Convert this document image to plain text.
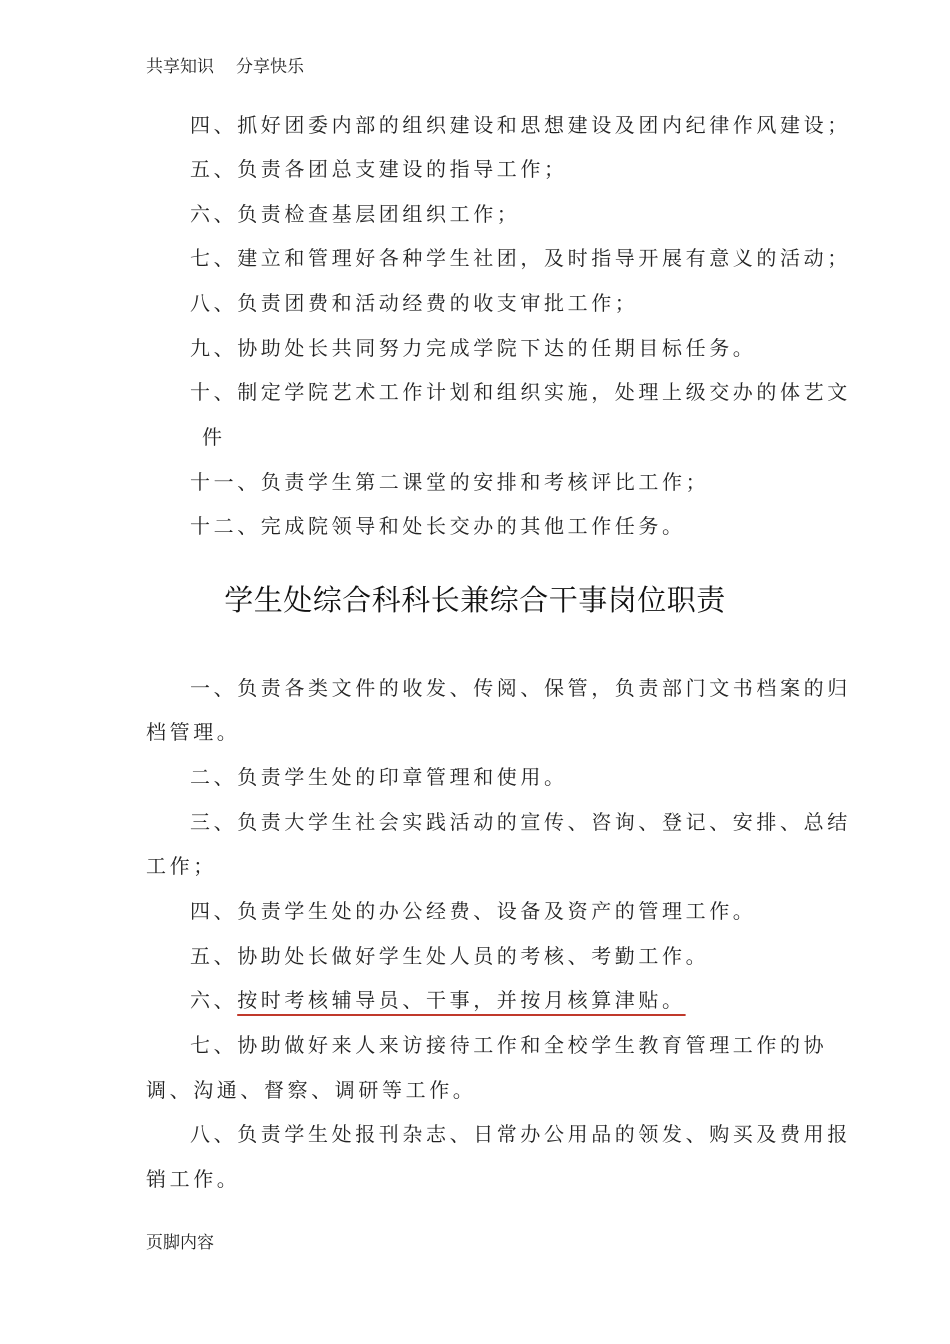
共享知识 分享快乐
四、抓好团委内部的组织建设和思想建设及团内纪律作风建设；
五、负责各团总支建设的指导工作；
六、负责检查基层团组织工作；
七、建立和管理好各种学生社团，及时指导开展有意义的活动；
八、负责团费和活动经费的收支审批工作；
九、协助处长共同努力完成学院下达的任期目标任务。
十、制定学院艺术工作计划和组织实施，处理上级交办的体艺文
件
十一、负责学生第二课堂的安排和考核评比工作；
十二、完成院领导和处长交办的其他工作任务。
学生处综合科科长兼综合干事岗位职责
一、负责各类文件的收发、传阅、保管，负责部门文书档案的归
档管理。
二、负责学生处的印章管理和使用。
三、负责大学生社会实践活动的宣传、咨询、登记、安排、总结
工作；
四、负责学生处的办公经费、设备及资产的管理工作。
五、协助处长做好学生处人员的考核、考勤工作。
六、按时考核辅导员、干事，并按月核算津贴。
七、协助做好来人来访接待工作和全校学生教育管理工作的协
调、沟通、督察、调研等工作。
八、负责学生处报刊杂志、日常办公用品的领发、购买及费用报
销工作。
页脚内容
